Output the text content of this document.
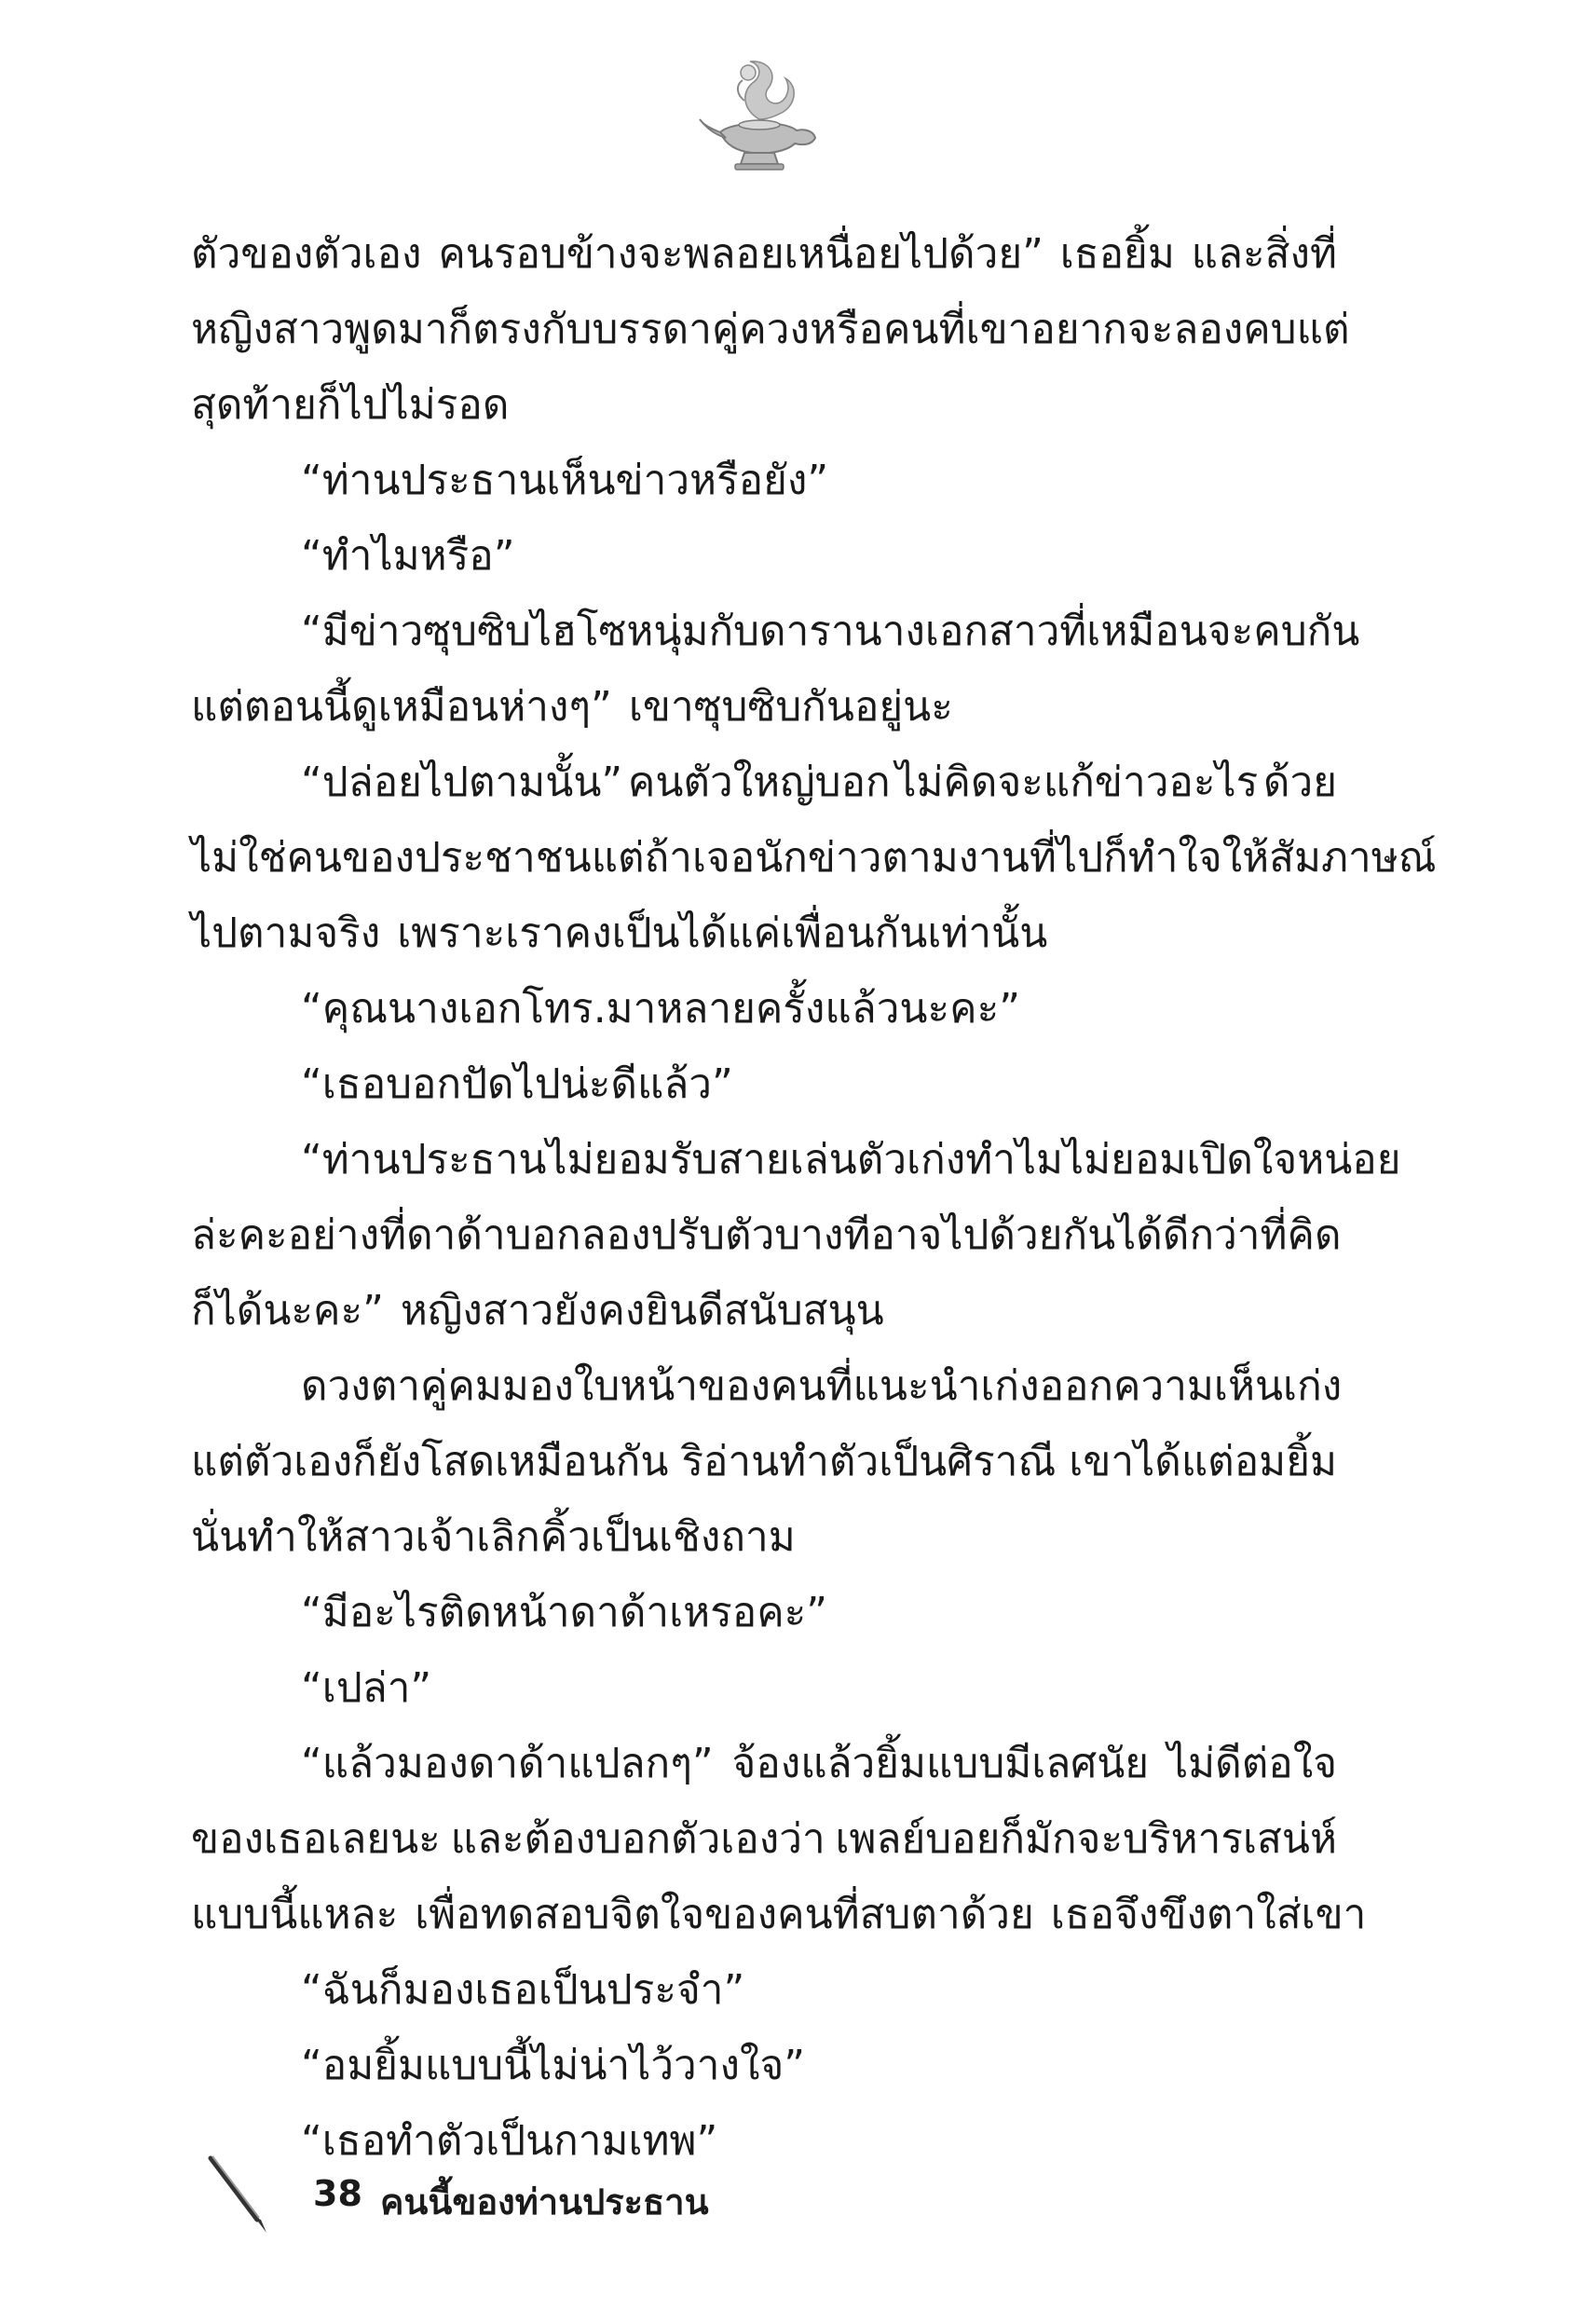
ตัวของตัวเอง คนรอบข้างจะพลอยเหนื่อยไปด้วย” เธอยิ้ม และสิ่งที่
หญิงสาวพูดมาก็ตรงกับบรรดาคู่ควง หรือคนที่เขาอยากจะลองคบ แต่
สุดท้ายก็ไปไม่รอด
“ท่านประธานเห็นข่าวหรือยัง”
“ทำไมหรือ”
“มีข่าวซุบซิบ ไฮโซหนุ่มกับดารานางเอกสาว ที่เหมือนจะคบกัน
แต่ตอนนี้ดูเหมือนห่างๆ” เขาซุบซิบกันอยู่นะ
“ปล่อยไปตามนั้น” คนตัวใหญ่บอก ไม่คิดจะแก้ข่าวอะไร ด้วย
ไม่ใช่คนของประชาชน แต่ถ้าเจอนักข่าวตามงานที่ไปก็ทำใจให้สัมภาษณ์
ไปตามจริง เพราะเราคงเป็นได้แค่เพื่อนกันเท่านั้น
“คุณนางเอกโทร.มาหลายครั้งแล้วนะคะ”
“เธอบอกปัดไปน่ะดีแล้ว”
“ท่านประธานไม่ยอมรับสาย เล่นตัวเก่ง ทำไมไม่ยอมเปิดใจหน่อย
ล่ะคะ อย่างที่ดาด้าบอก ลองปรับตัว บางทีอาจไปด้วยกันได้ดีกว่าที่คิด
ก็ได้นะคะ” หญิงสาวยังคงยินดีสนับสนุน
ดวงตาคู่คมมองใบหน้าของคนที่แนะนำเก่ง ออกความเห็นเก่ง
แต่ตัวเองก็ยังโสดเหมือนกัน ริอ่านทำตัวเป็นศิราณี เขาได้แต่อมยิ้ม
นั่นทำให้สาวเจ้าเลิกคิ้วเป็นเชิงถาม
“มีอะไรติดหน้าดาด้าเหรอคะ”
“เปล่า”
“แล้วมองดาด้าแปลกๆ” จ้องแล้วยิ้มแบบมีเลศนัย ไม่ดีต่อใจ
ของเธอเลยนะ และต้องบอกตัวเองว่า เพลย์บอยก็มักจะบริหารเสน่ห์
แบบนี้แหละ เพื่อทดสอบจิตใจของคนที่สบตาด้วย เธอจึงขึงตาใส่เขา
“ฉันก็มองเธอเป็นประจำ”
“อมยิ้มแบบนี้ไม่น่าไว้วางใจ”
“เธอทำตัวเป็นกามเทพ”
38 คนนี้ของท่านประธาน
